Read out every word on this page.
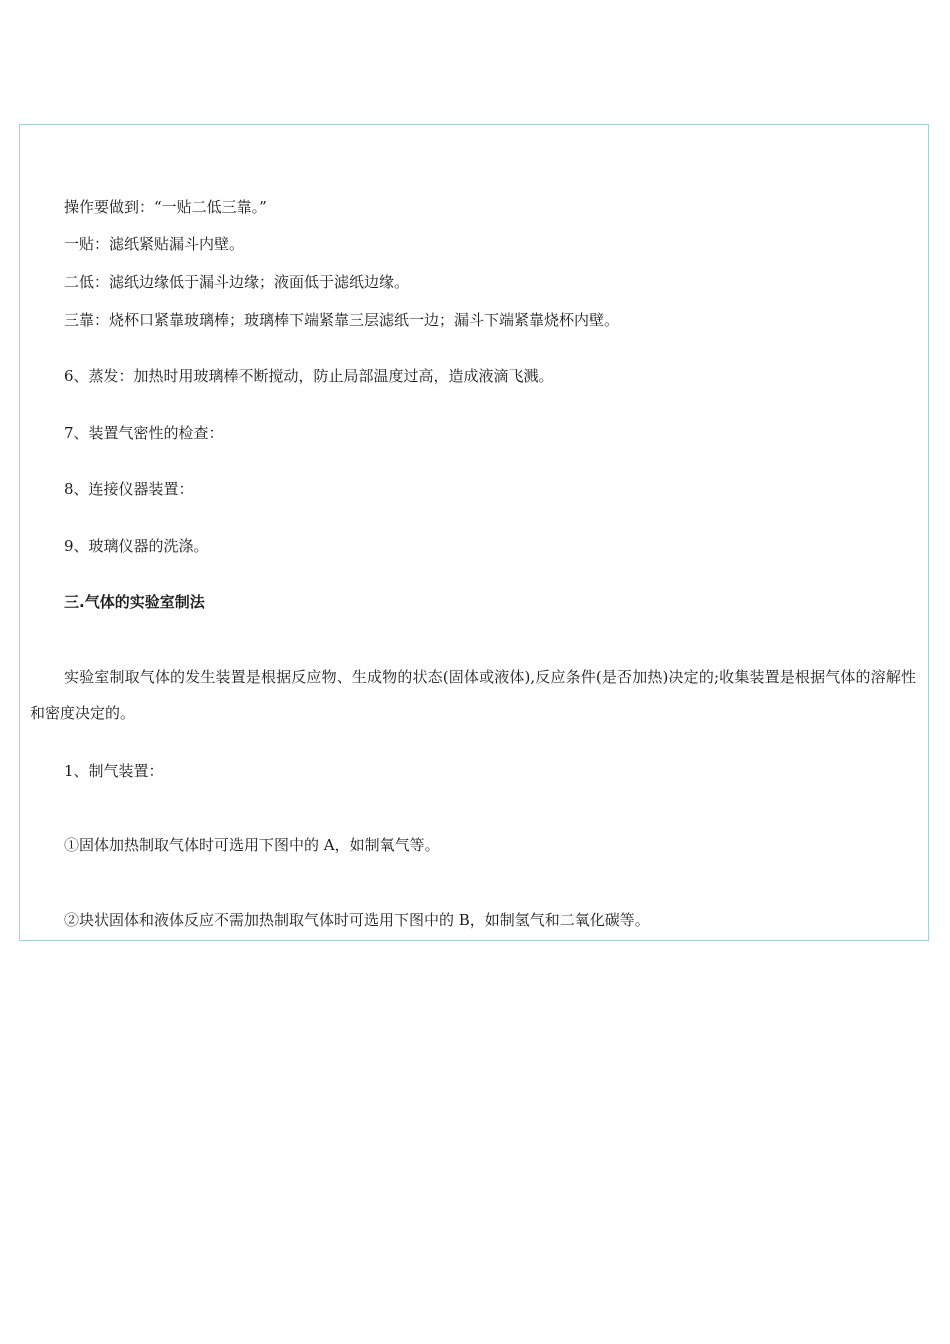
操作要做到：“一贴二低三靠。”
一贴：滤纸紧贴漏斗内壁。
二低：滤纸边缘低于漏斗边缘；液面低于滤纸边缘。
三靠：烧杯口紧靠玻璃棒；玻璃棒下端紧靠三层滤纸一边；漏斗下端紧靠烧杯内壁。
6、蒸发：加热时用玻璃棒不断搅动，防止局部温度过高，造成液滴飞溅。
7、装置气密性的检查：
8、连接仪器装置：
9、玻璃仪器的洗涤。
三.气体的实验室制法
实验室制取气体的发生装置是根据反应物、生成物的状态(固体或液体),反应条件(是否加热)决定的;收集装置是根据气体的溶解性和密度决定的。
1、制气装置：
①固体加热制取气体时可选用下图中的 A，如制氧气等。
②块状固体和液体反应不需加热制取气体时可选用下图中的 B，如制氢气和二氧化碳等。
